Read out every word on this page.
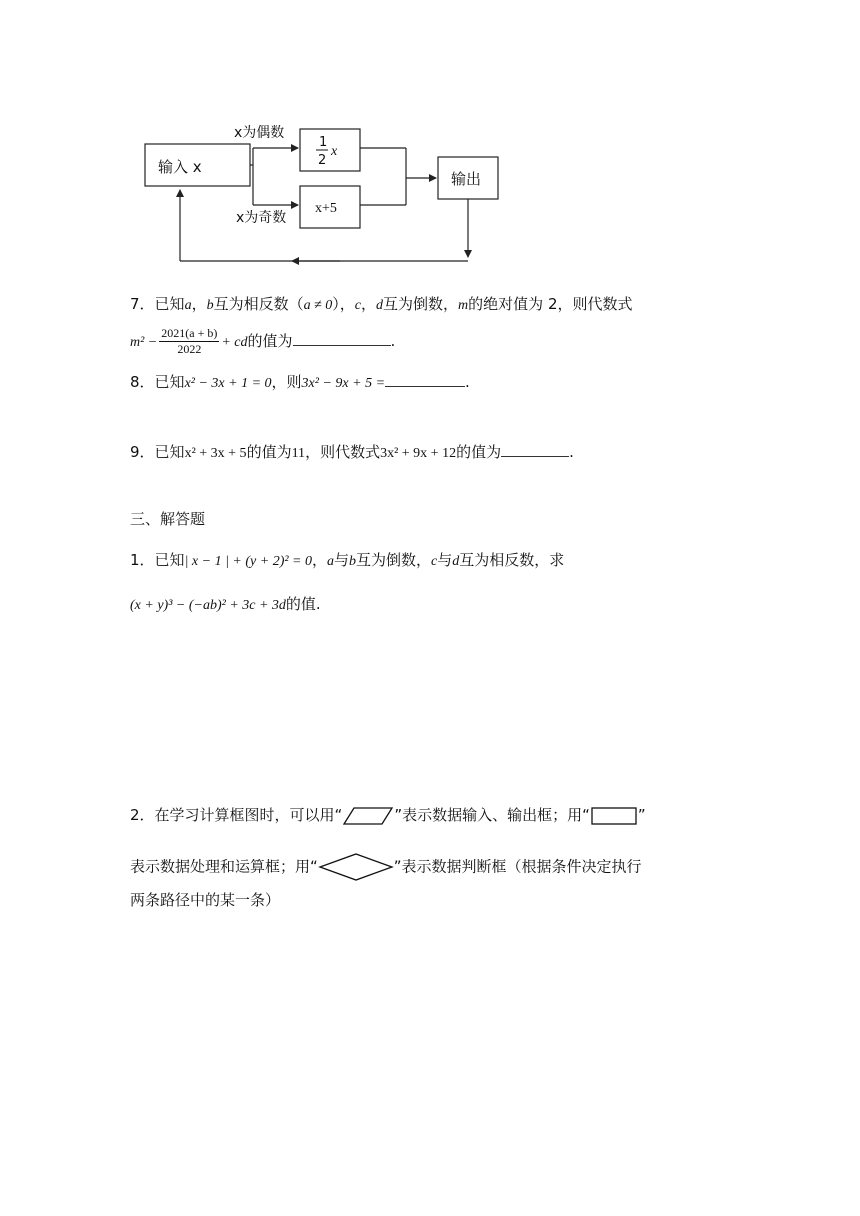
输入 x
x为偶数
x为奇数
1
2
x
x+5
输出
7．已知a，b互为相反数（a ≠ 0），c，d互为倒数，m的绝对值为 2，则代数式
$m^2 - \frac{2021(a + b)}{2022}$ + cd的值为	.
8．已知x² − 3x + 1 = 0，则3x² − 9x + 5 =	.
9．已知x² + 3x + 5的值为11，则代数式3x² + 9x + 12的值为	.
三、解答题
1．已知| x − 1 | + (y + 2)² = 0，a与b互为倒数，c与d互为相反数，求
(x + y)³ − (−ab)² + 3c + 3d的值.
2．在学习计算框图时，可以用“	”表示数据输入、输出框；用“	”
表示数据处理和运算框；用“	”表示数据判断框（根据条件决定执行
两条路径中的某一条）
